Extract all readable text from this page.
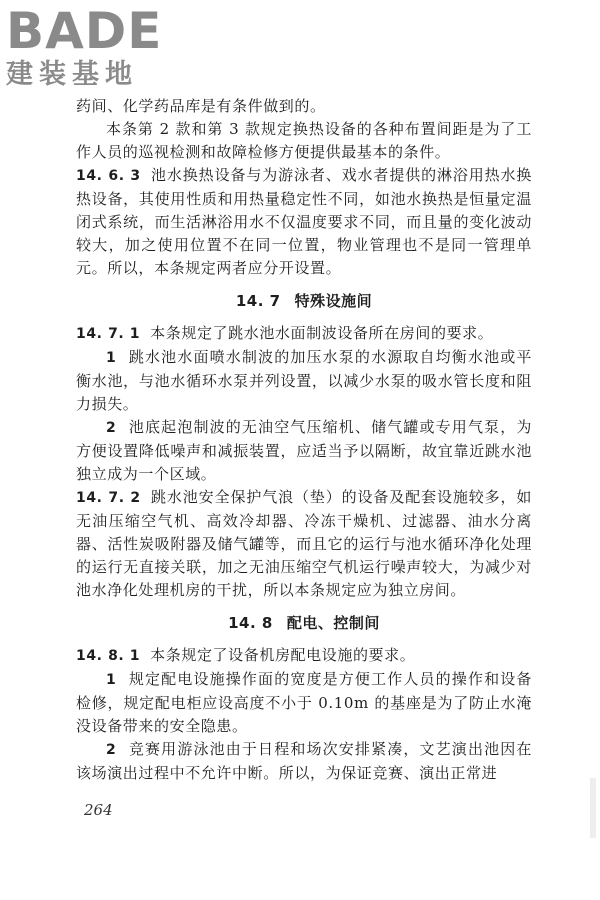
BADE
建装基地

药间、化学药品库是有条件做到的。

本条第 2 款和第 3 款规定换热设备的各种布置间距是为了工作人员的巡视检测和故障检修方便提供最基本的条件。

14. 6. 3 池水换热设备与为游泳者、戏水者提供的淋浴用热水换热设备，其使用性质和用热量稳定性不同，如池水换热是恒量定温闭式系统，而生活淋浴用水不仅温度要求不同，而且量的变化波动较大，加之使用位置不在同一位置，物业管理也不是同一管理单元。所以，本条规定两者应分开设置。

14. 7 特殊设施间

14. 7. 1 本条规定了跳水池水面制波设备所在房间的要求。

1 跳水池水面喷水制波的加压水泵的水源取自均衡水池或平衡水池，与池水循环水泵并列设置，以减少水泵的吸水管长度和阻力损失。

2 池底起泡制波的无油空气压缩机、储气罐或专用气泵，为方便设置降低噪声和减振装置，应适当予以隔断，故宜靠近跳水池独立成为一个区域。

14. 7. 2 跳水池安全保护气浪（垫）的设备及配套设施较多，如无油压缩空气机、高效冷却器、冷冻干燥机、过滤器、油水分离器、活性炭吸附器及储气罐等，而且它的运行与池水循环净化处理的运行无直接关联，加之无油压缩空气机运行噪声较大，为减少对池水净化处理机房的干扰，所以本条规定应为独立房间。

14. 8 配电、控制间

14. 8. 1 本条规定了设备机房配电设施的要求。

1 规定配电设施操作面的宽度是方便工作人员的操作和设备检修，规定配电柜应设高度不小于 0.10m 的基座是为了防止水淹没设备带来的安全隐患。

2 竞赛用游泳池由于日程和场次安排紧凑，文艺演出池因在该场演出过程中不允许中断。所以，为保证竞赛、演出正常进

264
